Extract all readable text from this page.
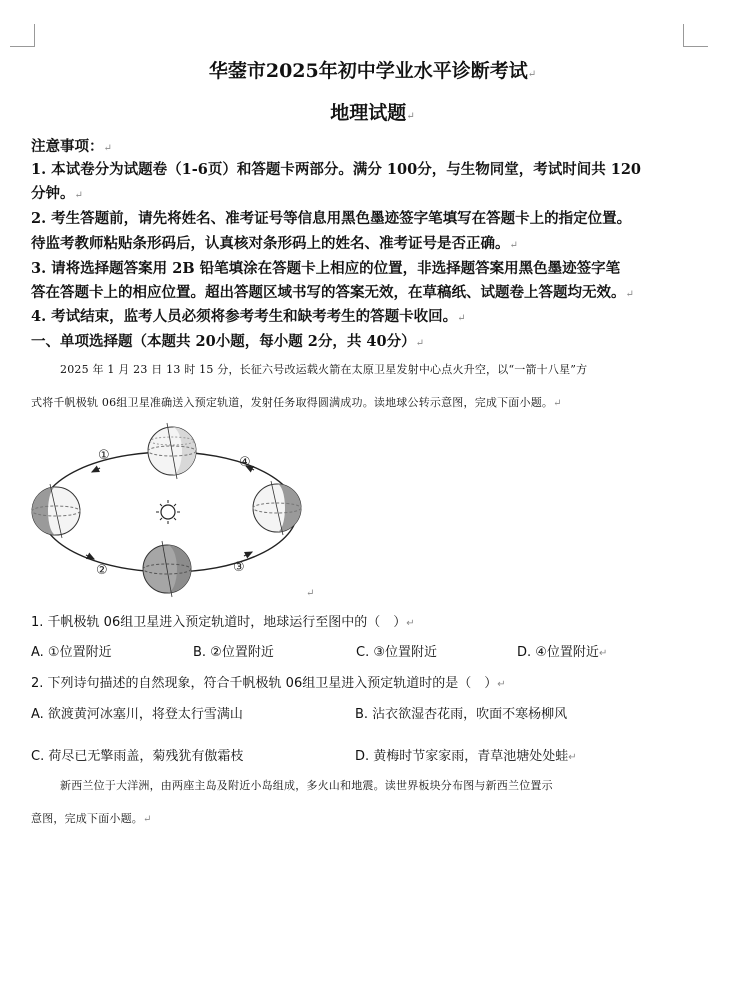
华蓥市2025年初中学业水平诊断考试↵
地理试题↵
注意事项：↵
1. 本试卷分为试题卷（1-6页）和答题卡两部分。满分 100分，与生物同堂，考试时间共 120
分钟。↵
2. 考生答题前，请先将姓名、准考证号等信息用黑色墨迹签字笔填写在答题卡上的指定位置。
待监考教师粘贴条形码后，认真核对条形码上的姓名、准考证号是否正确。↵
3. 请将选择题答案用 2B 铅笔填涂在答题卡上相应的位置，非选择题答案用黑色墨迹签字笔
答在答题卡上的相应位置。超出答题区域书写的答案无效，在草稿纸、试题卷上答题均无效。↵
4. 考试结束，监考人员必须将参考考生和缺考考生的答题卡收回。↵
一、单项选择题（本题共 20小题，每小题 2分，共 40分）↵
2025 年 1 月 23 日 13 时 15 分，长征六号改运载火箭在太原卫星发射中心点火升空，以“一箭十八星”方
式将千帆极轨 06组卫星准确送入预定轨道，发射任务取得圆满成功。读地球公转示意图，完成下面小题。↵
①
②	③
④
↵
1. 千帆极轨 06组卫星进入预定轨道时，地球运行至图中的（　）↵
A. ①位置附近	B. ②位置附近	C. ③位置附近	D. ④位置附近↵
2. 下列诗句描述的自然现象，符合千帆极轨 06组卫星进入预定轨道时的是（　）↵
A. 欲渡黄河冰塞川，将登太行雪满山	B. 沾衣欲湿杏花雨，吹面不寒杨柳风
C. 荷尽已无擎雨盖，菊残犹有傲霜枝	D. 黄梅时节家家雨，青草池塘处处蛙↵
新西兰位于大洋洲，由两座主岛及附近小岛组成，多火山和地震。读世界板块分布图与新西兰位置示
意图，完成下面小题。↵
